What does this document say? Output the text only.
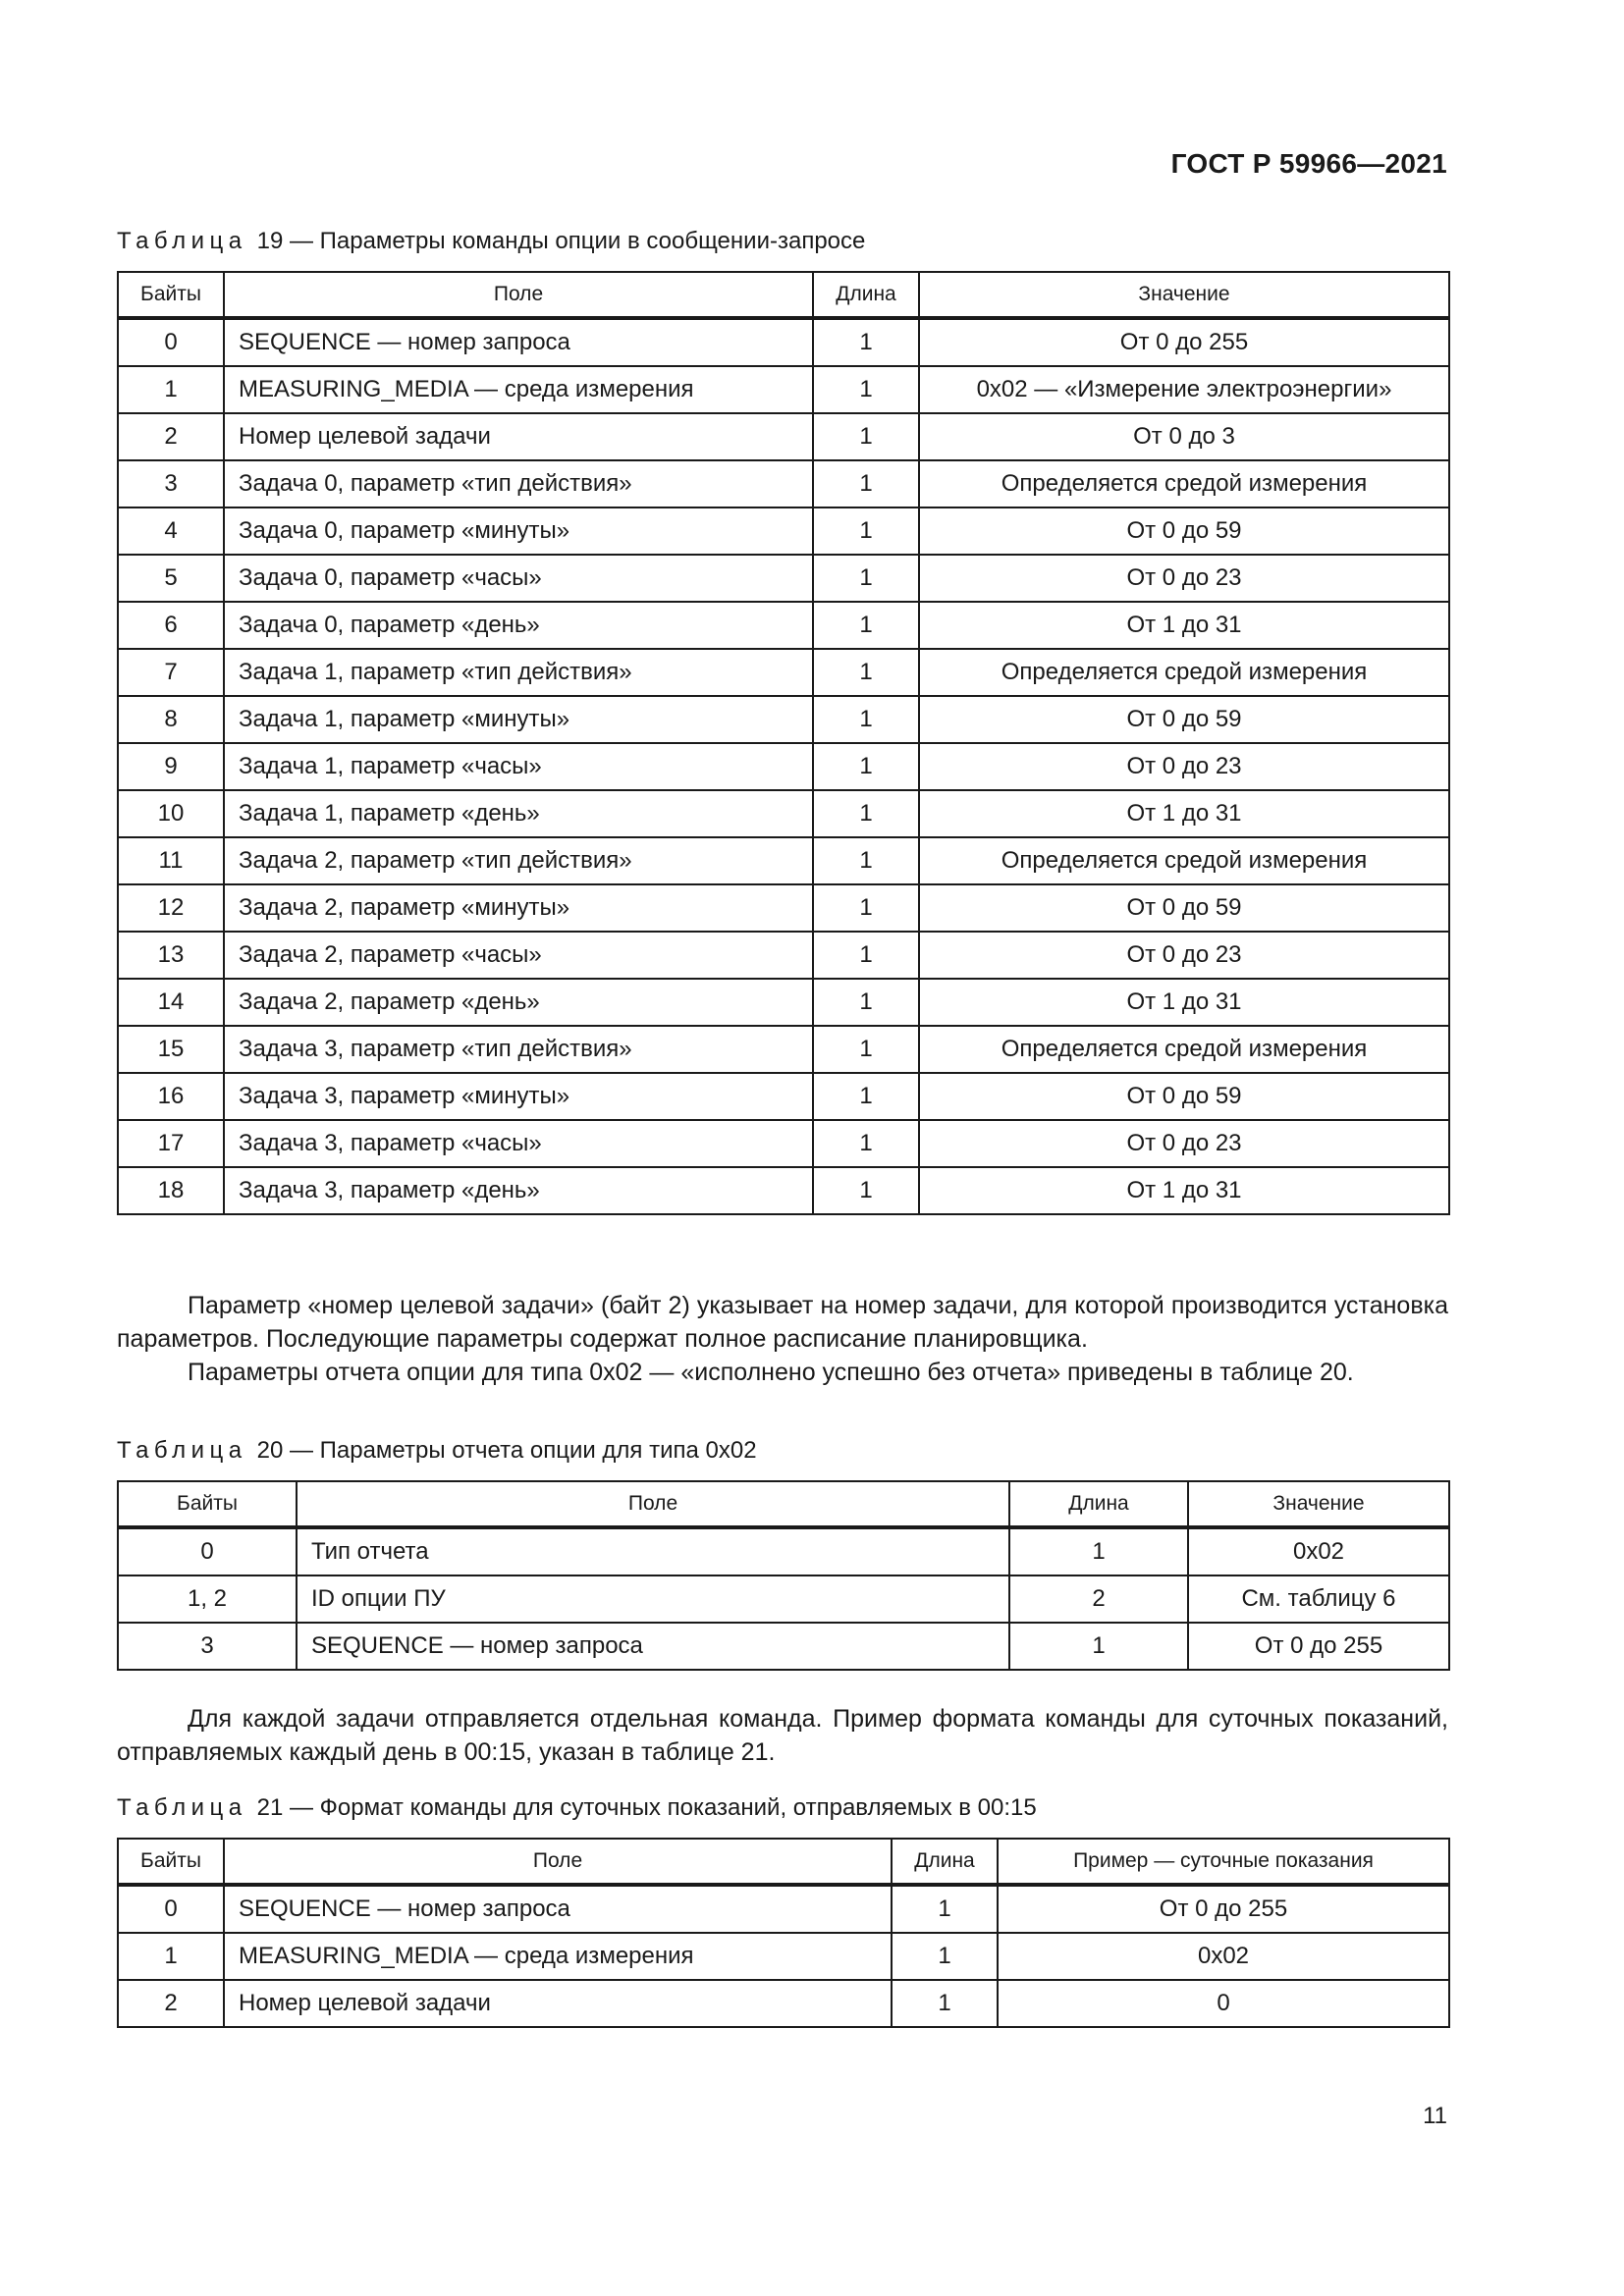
ГОСТ Р 59966—2021
Таблица 19 — Параметры команды опции в сообщении-запросе
Байты	Поле	Длина	Значение
0	SEQUENCE — номер запроса	1	От 0 до 255
1	MEASURING_MEDIA — среда измерения	1	0x02 — «Измерение электроэнергии»
2	Номер целевой задачи	1	От 0 до 3
3	Задача 0, параметр «тип действия»	1	Определяется средой измерения
4	Задача 0, параметр «минуты»	1	От 0 до 59
5	Задача 0, параметр «часы»	1	От 0 до 23
6	Задача 0, параметр «день»	1	От 1 до 31
7	Задача 1, параметр «тип действия»	1	Определяется средой измерения
8	Задача 1, параметр «минуты»	1	От 0 до 59
9	Задача 1, параметр «часы»	1	От 0 до 23
10	Задача 1, параметр «день»	1	От 1 до 31
11	Задача 2, параметр «тип действия»	1	Определяется средой измерения
12	Задача 2, параметр «минуты»	1	От 0 до 59
13	Задача 2, параметр «часы»	1	От 0 до 23
14	Задача 2, параметр «день»	1	От 1 до 31
15	Задача 3, параметр «тип действия»	1	Определяется средой измерения
16	Задача 3, параметр «минуты»	1	От 0 до 59
17	Задача 3, параметр «часы»	1	От 0 до 23
18	Задача 3, параметр «день»	1	От 1 до 31

Параметр «номер целевой задачи» (байт 2) указывает на номер задачи, для которой производится установка параметров. Последующие параметры содержат полное расписание планировщика.

Параметры отчета опции для типа 0x02 — «исполнено успешно без отчета» приведены в таблице 20.

Таблица 20 — Параметры отчета опции для типа 0x02
Байты	Поле	Длина	Значение
0	Тип отчета	1	0x02
1, 2	ID опции ПУ	2	См. таблицу 6
3	SEQUENCE — номер запроса	1	От 0 до 255

Для каждой задачи отправляется отдельная команда. Пример формата команды для суточных показаний, отправляемых каждый день в 00:15, указан в таблице 21.

Таблица 21 — Формат команды для суточных показаний, отправляемых в 00:15
Байты	Поле	Длина	Пример — суточные показания
0	SEQUENCE — номер запроса	1	От 0 до 255
1	MEASURING_MEDIA — среда измерения	1	0x02
2	Номер целевой задачи	1	0
11
